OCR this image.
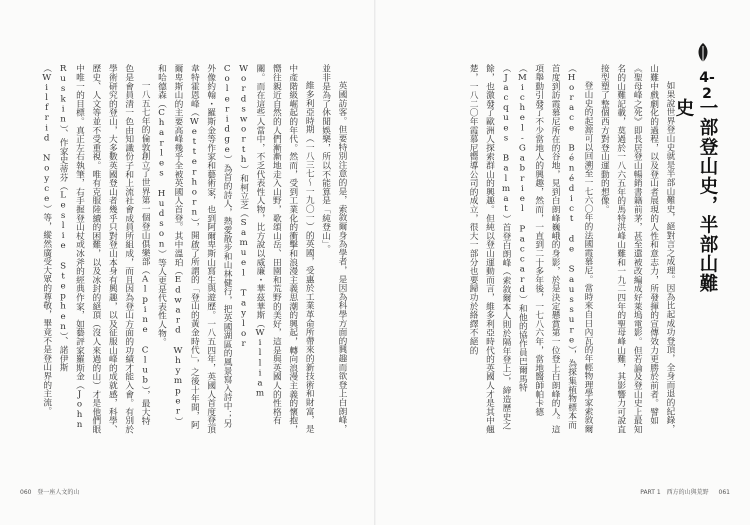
英國訪客。但要特別注意的是，索敘爾身為學者，是因為科學方面的興趣而欲登上白朗峰，並非是為了休閒娛樂，所以不能算是「純登山」。

維多利亞時期（一八三七～一九〇一）的英國，受惠於工業革命所帶來的新技術和財富，是中產階級崛起的年代。然而，受到工業化的衝擊和浪漫主義思潮的興起，轉向浪漫主義的懷抱，嚮往親近自然的人們漸漸地走入山野，歌頌山岳、田園和荒野的美好，這是與英國人的性格有關。而在這些人當中，不乏代表性人物，比方說以威廉・華茲華斯（William Wordsworth）和柯立芝（Samuel Taylor Coleridge）為首的詩人，熱愛散步和山林健行，把英國湖區的風景寫入詩中；另外像約翰・羅斯金等作家和藝術家，也到阿爾卑斯山寫生與遊歷。一八五四年，英國人首度登頂韋特霍恩峰（Wetterhorn），開啟了所謂的「登山的黃金時代」，之後十年間，阿爾卑斯山的主要高峰幾乎全被英國人首登。其中溫珀（Edward Whymper）和哈德森（Charles Hudson）等人更是代表性人物。

一八五七年的倫敦創立了世界第一個登山俱樂部（Alpine Club），最大特色是會員清一色由知識份子和上流社會成員所組成，而且因為登山方面的功績才能入會。有別於學術研究的登山，大多數英國登山者幾乎只對登山本身有興趣，以及征服山峰的成就感，科學、歷史、人文等並不受重視。唯有克服陸續的困難，以及冰封的絕頂（沒人來過的山）才是他們眼中唯一的目標。真正左右執筆，右手握登山杖或冰斧的經典作家，如藝評家羅斯金（John Ruskin）、作家史蒂芬（Leslie Stephen）、諾伊斯（Wilfrid Noyce）等，縱然廣受大眾的尊敬，畢竟不是登山界的主流。	如果說世界登山史就是半部山難史，絕對言之成理。因為比起成功登頂，全身而退的紀錄，山難中戲劇化的過程，以及登山者展現的人性和意志力，所發揮的宣傳效力更勝於前者。譬如《聖母峰之死》即長居登山暢銷書籍前茅，甚至還被改編成好萊塢電影。但若論及登山史上最知名的山難記載，莫過於一八六五年的馬特洪峰山難和一九二四年的聖母峰山難，其影響力可說直接型塑了整個西方對登山運動的想像。

登山史的起源可以回溯至一七六〇年的法國霞慕尼。當時來自日內瓦的年輕物理學家索敘爾（Horace Bénédict de Saussure），為探集植物標本而首度到訪霞慕尼所在的谷地，見到白朗峰巍峨的身影，於是決定懸賞第一位登上白朗峰的人。這項舉動引發了不少當地人的興趣，然而，一直到二十多年後，一七八六年，當地醫師帕卡德（Michel-Gabriel Paccard）和他的協作員巴爾馬特（Jacques Balmat）首登白朗峰（索敘爾本人則於隔年登上），締造歷史之餘，也激發了歐洲人探索群山的興趣。但純以登山運動而言，維多利亞時代的英國人才是其中翹楚，一八二〇年霞慕尼嚮導公司的成立，很大一部分也要歸功於絡繹不絕的	4-2
一部登山史，半部山難史
060 登一座人文的山	PART 1 西方的山與荒野 061
